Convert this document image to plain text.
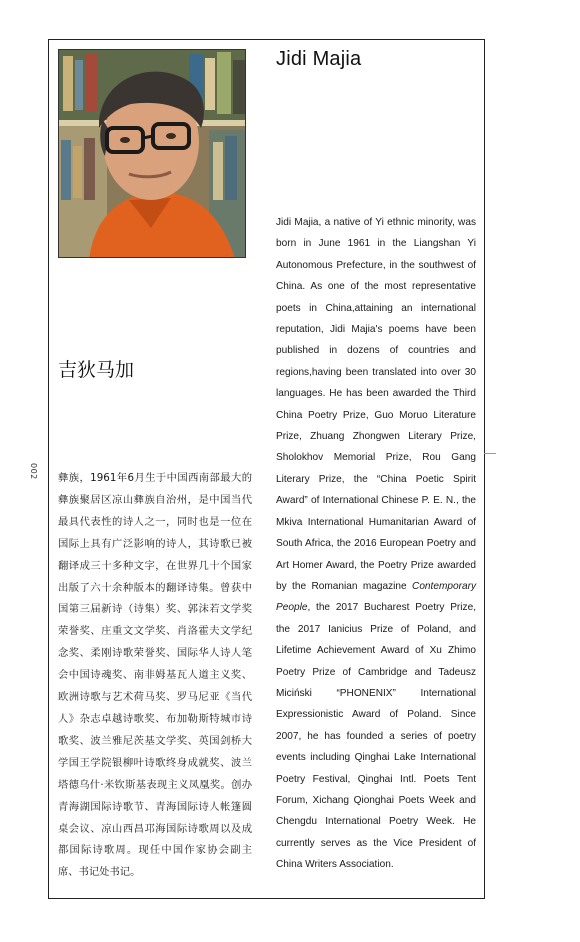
002
Jidi Majia
吉狄马加

彝族，1961年6月生于中国西南部最大的彝族聚居区凉山彝族自治州，是中国当代最具代表性的诗人之一，同时也是一位在国际上具有广泛影响的诗人，其诗歌已被翻译成三十多种文字，在世界几十个国家出版了六十余种版本的翻译诗集。曾获中国第三届新诗（诗集）奖、郭沫若文学奖荣誉奖、庄重文文学奖、肖洛霍夫文学纪念奖、柔刚诗歌荣誉奖、国际华人诗人笔会中国诗魂奖、南非姆基瓦人道主义奖、欧洲诗歌与艺术荷马奖、罗马尼亚《当代人》杂志卓越诗歌奖、布加勒斯特城市诗歌奖、波兰雅尼茨基文学奖、英国剑桥大学国王学院银柳叶诗歌终身成就奖、波兰塔德乌什·米钦斯基表现主义凤凰奖。创办青海湖国际诗歌节、青海国际诗人帐篷圆桌会议、凉山西昌邛海国际诗歌周以及成都国际诗歌周。现任中国作家协会副主席、书记处书记。

Jidi Majia, a native of Yi ethnic minority, was born in June 1961 in the Liangshan Yi Autonomous Prefecture, in the southwest of China. As one of the most representative poets in China,attaining an international reputation, Jidi Majia's poems have been published in dozens of countries and regions,having been translated into over 30 languages. He has been awarded the Third China Poetry Prize, Guo Moruo Literature Prize, Zhuang Zhongwen Literary Prize, Sholokhov Memorial Prize, Rou Gang Literary Prize, the “China Poetic Spirit Award” of International Chinese P. E. N., the Mkiva International Humanitarian Award of South Africa, the 2016 European Poetry and Art Homer Award, the Poetry Prize awarded by the Romanian magazine Contemporary People, the 2017 Bucharest Poetry Prize, the 2017 Ianicius Prize of Poland, and Lifetime Achievement Award of Xu Zhimo Poetry Prize of Cambridge and Tadeusz Miciński “PHONENIX” International Expressionistic Award of Poland. Since 2007, he has founded a series of poetry events including Qinghai Lake International Poetry Festival, Qinghai Intl. Poets Tent Forum, Xichang Qionghai Poets Week and Chengdu International Poetry Week. He currently serves as the Vice President of China Writers Association.
